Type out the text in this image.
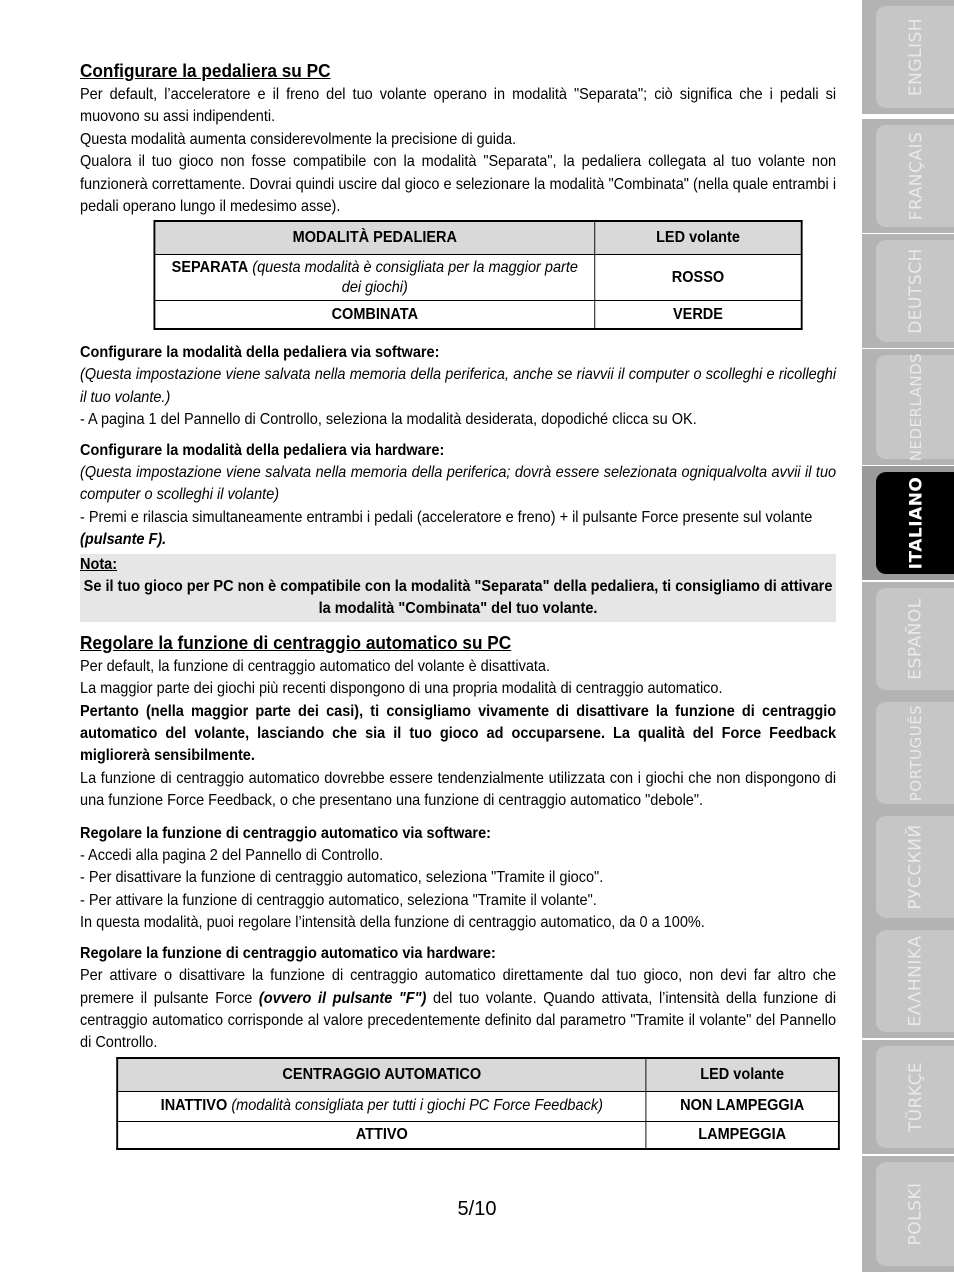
Configurare la pedaliera su PC

Per default, l’acceleratore e il freno del tuo volante operano in modalità "Separata"; ciò significa che i pedali si muovono su assi indipendenti.

Questa modalità aumenta considerevolmente la precisione di guida.

Qualora il tuo gioco non fosse compatibile con la modalità "Separata", la pedaliera collegata al tuo volante non funzionerà correttamente. Dovrai quindi uscire dal gioco e selezionare la modalità "Combinata" (nella quale entrambi i pedali operano lungo il medesimo asse).

MODALITÀ PEDALIERA	LED volante
SEPARATA (questa modalità è consigliata per la maggior parte dei giochi)	ROSSO
COMBINATA	VERDE

Configurare la modalità della pedaliera via software:

(Questa impostazione viene salvata nella memoria della periferica, anche se riavvii il computer o scolleghi e ricolleghi il tuo volante.)

- A pagina 1 del Pannello di Controllo, seleziona la modalità desiderata, dopodiché clicca su OK.

Configurare la modalità della pedaliera via hardware:

(Questa impostazione viene salvata nella memoria della periferica; dovrà essere selezionata ogniqualvolta avvii il tuo computer o scolleghi il volante)

- Premi e rilascia simultaneamente entrambi i pedali (acceleratore e freno) + il pulsante Force presente sul volante (pulsante F).

Nota:
Se il tuo gioco per PC non è compatibile con la modalità "Separata" della pedaliera, ti consigliamo di attivare la modalità "Combinata" del tuo volante.

Regolare la funzione di centraggio automatico su PC

Per default, la funzione di centraggio automatico del volante è disattivata.

La maggior parte dei giochi più recenti dispongono di una propria modalità di centraggio automatico.

Pertanto (nella maggior parte dei casi), ti consigliamo vivamente di disattivare la funzione di centraggio automatico del volante, lasciando che sia il tuo gioco ad occuparsene. La qualità del Force Feedback migliorerà sensibilmente.

La funzione di centraggio automatico dovrebbe essere tendenzialmente utilizzata con i giochi che non dispongono di una funzione Force Feedback, o che presentano una funzione di centraggio automatico "debole".

Regolare la funzione di centraggio automatico via software:

- Accedi alla pagina 2 del Pannello di Controllo.

- Per disattivare la funzione di centraggio automatico, seleziona "Tramite il gioco".

- Per attivare la funzione di centraggio automatico, seleziona "Tramite il volante".

In questa modalità, puoi regolare l’intensità della funzione di centraggio automatico, da 0 a 100%.

Regolare la funzione di centraggio automatico via hardware:

Per attivare o disattivare la funzione di centraggio automatico direttamente dal tuo gioco, non devi far altro che premere il pulsante Force (ovvero il pulsante "F") del tuo volante. Quando attivata, l’intensità della funzione di centraggio automatico corrisponde al valore precedentemente definito dal parametro "Tramite il volante" del Pannello di Controllo.

CENTRAGGIO AUTOMATICO	LED volante
INATTIVO (modalità consigliata per tutti i giochi PC Force Feedback)	NON LAMPEGGIA
ATTIVO	LAMPEGGIA
5/10
ENGLISH
FRANÇAIS
DEUTSCH
NEDERLANDS
ITALIANO
ESPAÑOL
PORTUGUÊS
РУССКИЙ
ΕΛΛΗΝΙΚΑ
TÜRKÇE
POLSKI
